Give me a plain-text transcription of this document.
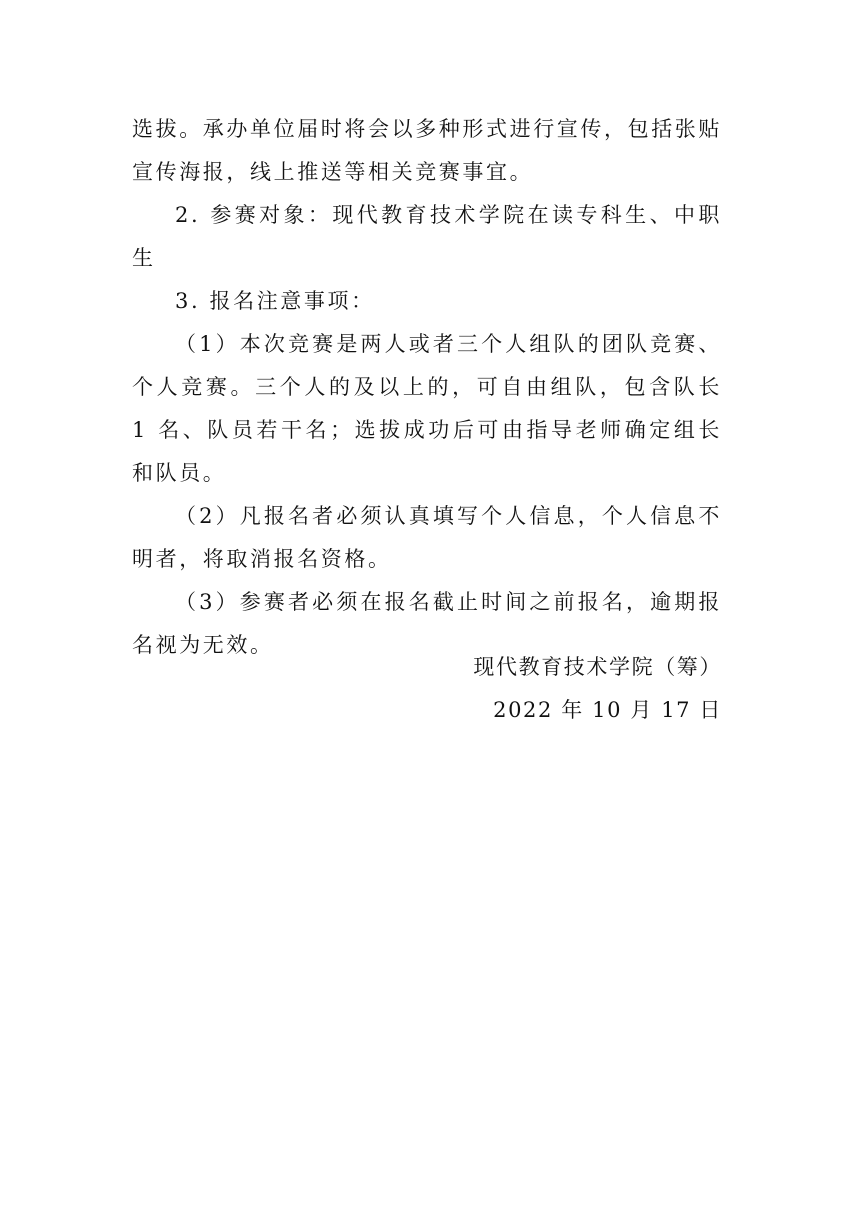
选拔。承办单位届时将会以多种形式进行宣传，包括张贴宣传海报，线上推送等相关竞赛事宜。

2. 参赛对象：现代教育技术学院在读专科生、中职生

3. 报名注意事项：

（1）本次竞赛是两人或者三个人组队的团队竞赛、个人竞赛。三个人的及以上的，可自由组队，包含队长 1 名、队员若干名；选拔成功后可由指导老师确定组长和队员。

（2）凡报名者必须认真填写个人信息，个人信息不明者，将取消报名资格。

（3）参赛者必须在报名截止时间之前报名，逾期报名视为无效。

现代教育技术学院（筹）
2022 年 10 月 17 日
